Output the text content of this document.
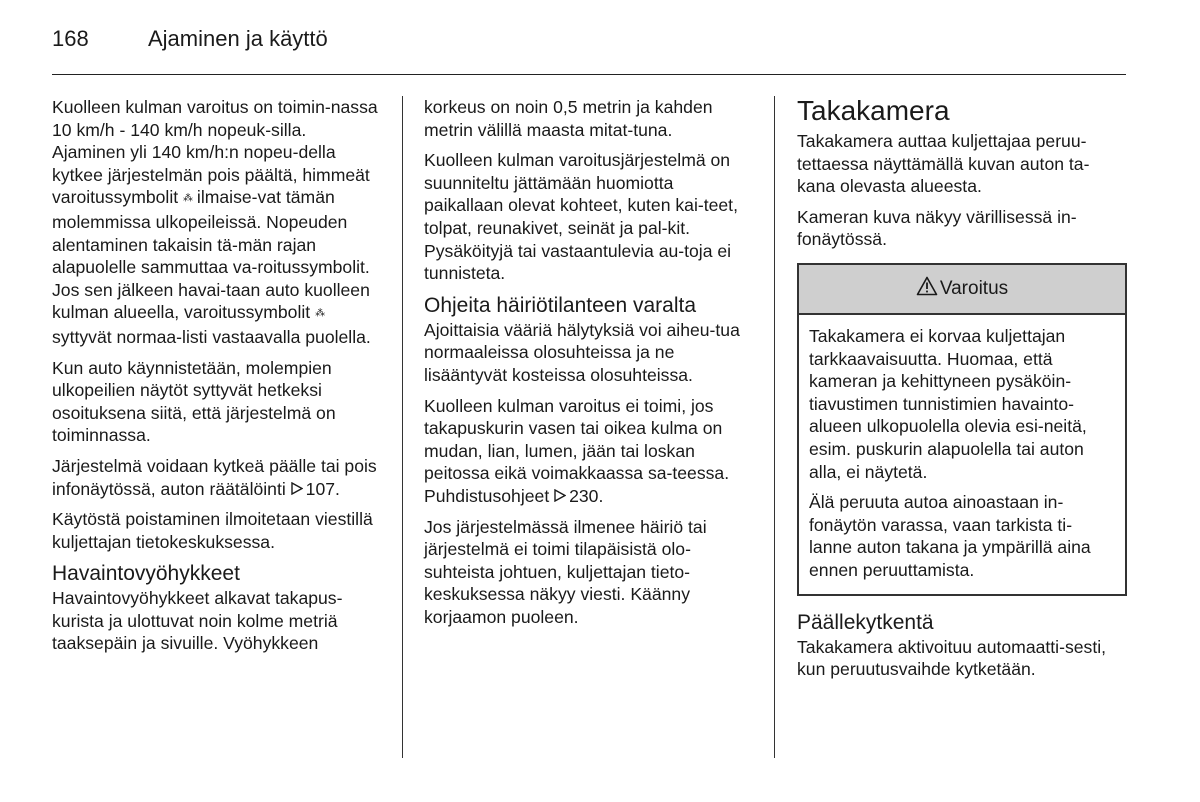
168	Ajaminen ja käyttö

Kuolleen kulman varoitus on toimin-nassa 10 km/h - 140 km/h nopeuk-silla. Ajaminen yli 140 km/h:n nopeu-della kytkee järjestelmän pois päältä, himmeät varoitussymbolit ⁂ ilmaise-vat tämän molemmissa ulkopeileissä. Nopeuden alentaminen takaisin tä-män rajan alapuolelle sammuttaa va-roitussymbolit. Jos sen jälkeen havai-taan auto kuolleen kulman alueella, varoitussymbolit ⁂ syttyvät normaa-listi vastaavalla puolella.

Kun auto käynnistetään, molempien ulkopeilien näytöt syttyvät hetkeksi osoituksena siitä, että järjestelmä on toiminnassa.

Järjestelmä voidaan kytkeä päälle tai pois infonäytössä, auton räätälöinti 107.

Käytöstä poistaminen ilmoitetaan viestillä kuljettajan tietokeskuksessa.

Havaintovyöhykkeet

Havaintovyöhykkeet alkavat takapus-kurista ja ulottuvat noin kolme metriä taaksepäin ja sivuille. Vyöhykkeen

korkeus on noin 0,5 metrin ja kahden metrin välillä maasta mitat-tuna.

Kuolleen kulman varoitusjärjestelmä on suunniteltu jättämään huomiotta paikallaan olevat kohteet, kuten kai-teet, tolpat, reunakivet, seinät ja pal-kit. Pysäköityjä tai vastaantulevia au-toja ei tunnisteta.

Ohjeita häiriötilanteen varalta

Ajoittaisia vääriä hälytyksiä voi aiheu-tua normaaleissa olosuhteissa ja ne lisääntyvät kosteissa olosuhteissa.

Kuolleen kulman varoitus ei toimi, jos takapuskurin vasen tai oikea kulma on mudan, lian, lumen, jään tai loskan peitossa eikä voimakkaassa sa-teessa. Puhdistusohjeet 230.

Jos järjestelmässä ilmenee häiriö tai järjestelmä ei toimi tilapäisistä olo-suhteista johtuen, kuljettajan tieto-keskuksessa näkyy viesti. Käänny korjaamon puoleen.

Takakamera

Takakamera auttaa kuljettajaa peruu-tettaessa näyttämällä kuvan auton ta-kana olevasta alueesta.

Kameran kuva näkyy värillisessä in-fonäytössä.

Varoitus

Takakamera ei korvaa kuljettajan tarkkaavaisuutta. Huomaa, että kameran ja kehittyneen pysäköin-tiavustimen tunnistimien havainto-alueen ulkopuolella olevia esi-neitä, esim. puskurin alapuolella tai auton alla, ei näytetä.

Älä peruuta autoa ainoastaan in-fonäytön varassa, vaan tarkista ti-lanne auton takana ja ympärillä aina ennen peruuttamista.

Päällekytkentä

Takakamera aktivoituu automaatti-sesti, kun peruutusvaihde kytketään.
